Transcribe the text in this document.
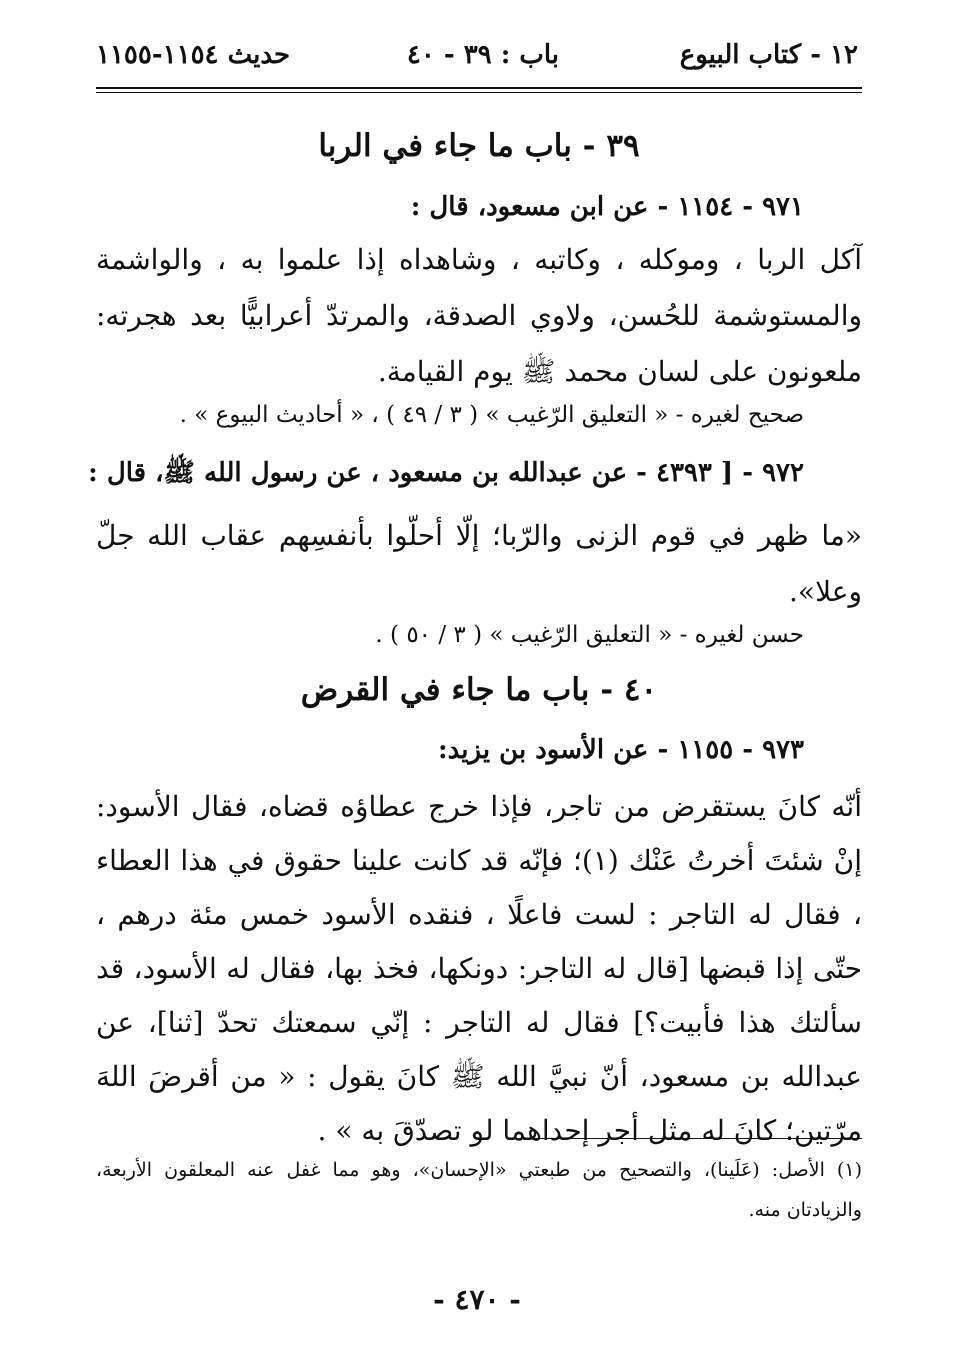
١٢ - كتاب البيوع
باب : ٣٩ - ٤٠
حديث ١١٥٤-١١٥٥
٣٩ - باب ما جاء في الربا
٩٧١ - ١١٥٤ - عن ابن مسعود، قال :
آكل الربا ، وموكله ، وكاتبه ، وشاهداه إذا علموا به ، والواشمة والمستوشمة للحُسن، ولاوي الصدقة، والمرتدّ أعرابيًّا بعد هجرته: ملعونون على لسان محمد ﷺ يوم القيامة.
صحيح لغيره - « التعليق الرّغيب » ( ٣ / ٤٩ ) ، « أحاديث البيوع » .
٩٧٢ - [ ٤٣٩٣ - عن عبدالله بن مسعود ، عن رسول الله ﷺ، قال :
«ما ظهر في قوم الزنى والرّبا؛ إلّا أحلّوا بأنفسِهم عقاب الله جلّ وعلا».
حسن لغيره - « التعليق الرّغيب » ( ٣ / ٥٠ ) .
٤٠ - باب ما جاء في القرض
٩٧٣ - ١١٥٥ - عن الأسود بن يزيد:
أنّه كانَ يستقرض من تاجر، فإذا خرج عطاؤه قضاه، فقال الأسود: إنْ شئتَ أخرتُ عَنْك (١)؛ فإنّه قد كانت علينا حقوق في هذا العطاء ، فقال له التاجر : لست فاعلًا ، فنقده الأسود خمس مئة درهم ، حتّى إذا قبضها [قال له التاجر: دونكها، فخذ بها، فقال له الأسود، قد سألتك هذا فأبيت؟] فقال له التاجر : إنّي سمعتك تحدّ [ثنا]، عن عبدالله بن مسعود، أنّ نبيَّ الله ﷺ كانَ يقول : « من أقرضَ اللهَ مرّتين؛ كانَ له مثل أجر إحداهما لو تصدّقَ به » .
(١) الأصل: (عَلَينا)، والتصحيح من طبعتي «الإحسان»، وهو مما غفل عنه المعلقون الأربعة، والزيادتان منه.
- ٤٧٠ -
